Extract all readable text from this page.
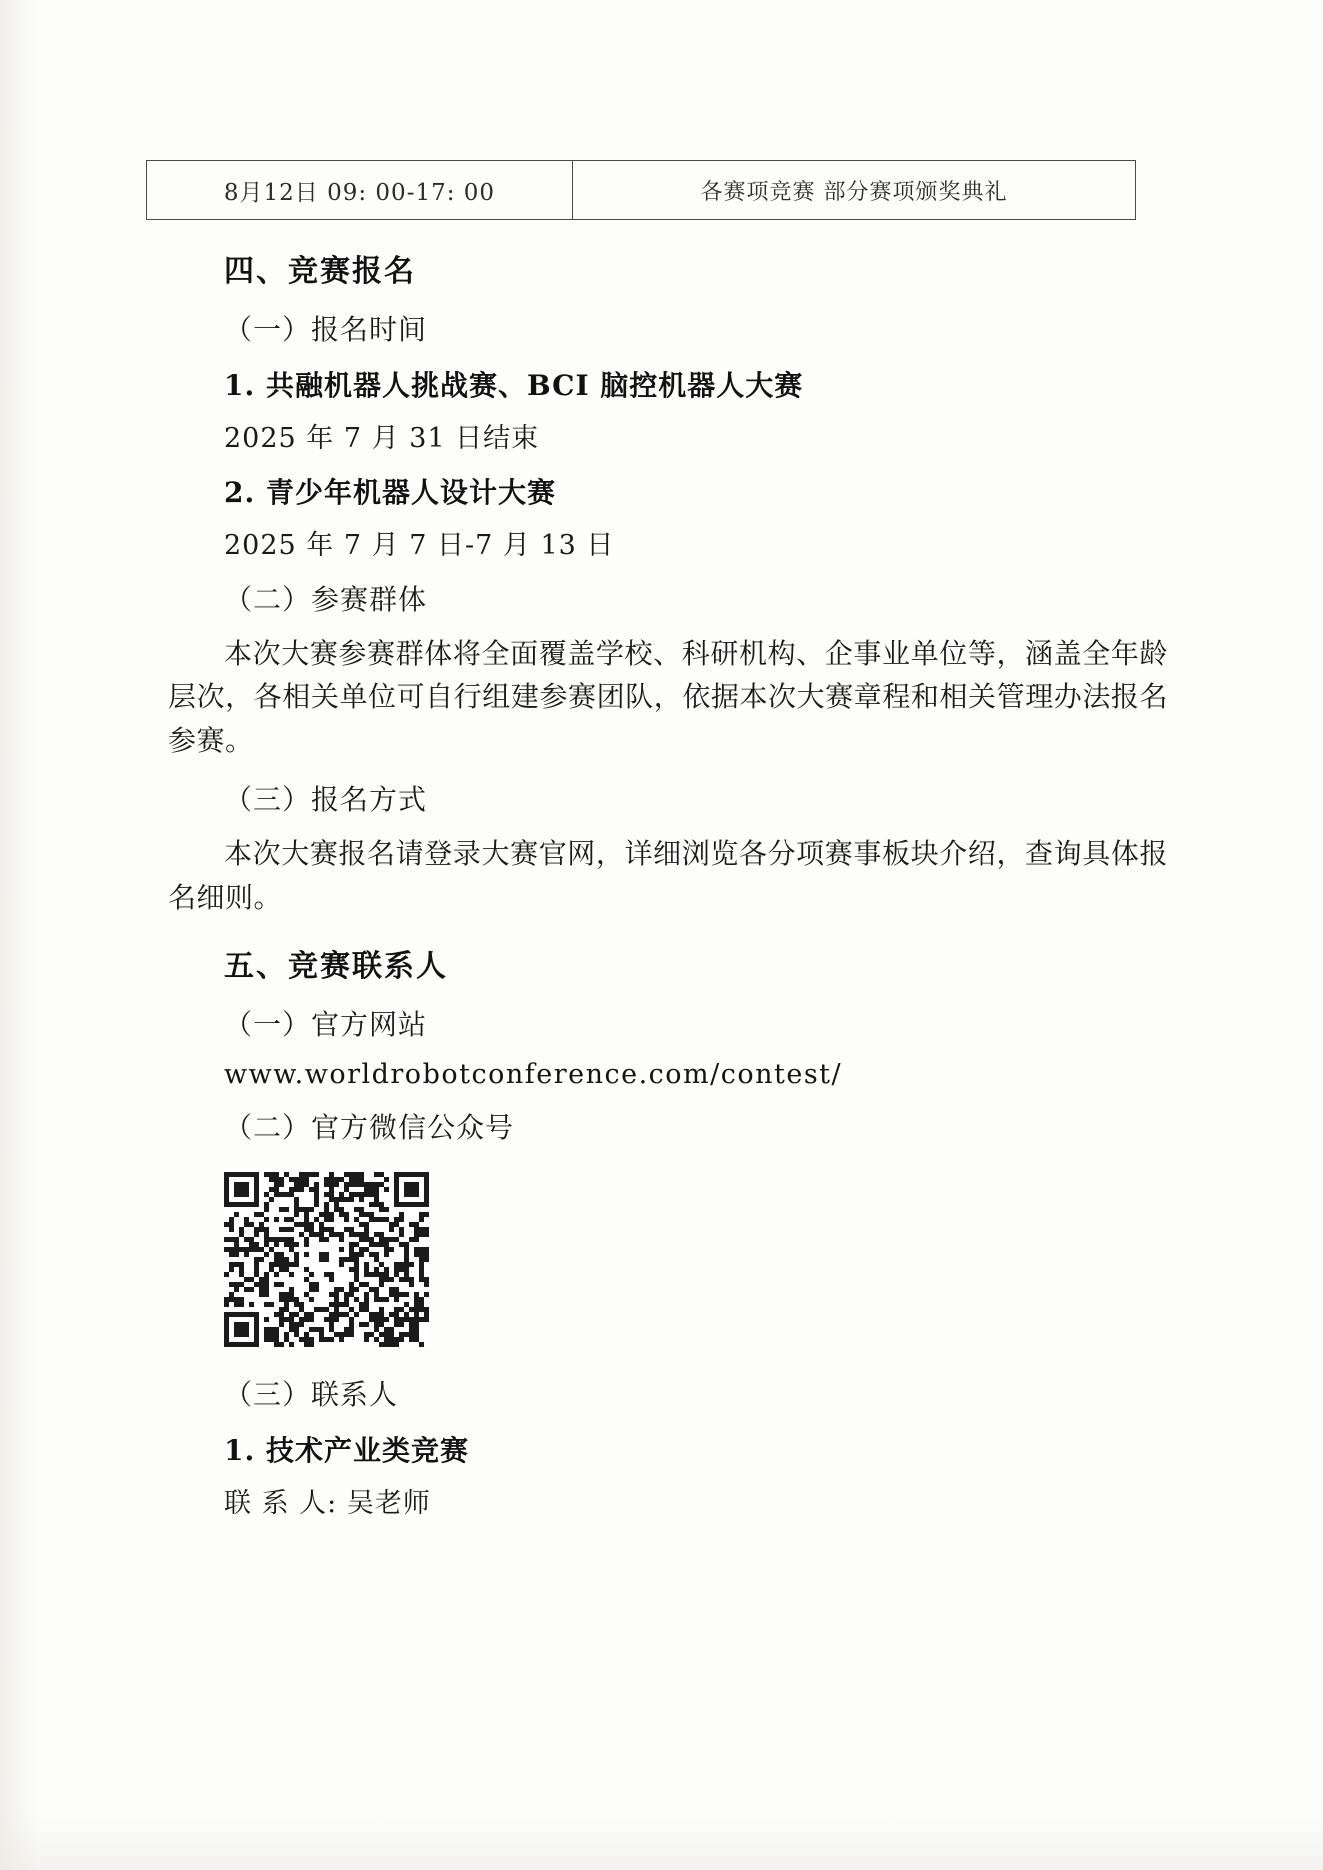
8月12日 09: 00-17: 00	各赛项竞赛 部分赛项颁奖典礼
四、竞赛报名
（一）报名时间
1. 共融机器人挑战赛、BCI 脑控机器人大赛
2025 年 7 月 31 日结束
2. 青少年机器人设计大赛
2025 年 7 月 7 日-7 月 13 日
（二）参赛群体
本次大赛参赛群体将全面覆盖学校、科研机构、企事业单位等，涵盖全年龄层次，各相关单位可自行组建参赛团队，依据本次大赛章程和相关管理办法报名参赛。
（三）报名方式
本次大赛报名请登录大赛官网，详细浏览各分项赛事板块介绍，查询具体报名细则。
五、竞赛联系人
（一）官方网站
www.worldrobotconference.com/contest/
（二）官方微信公众号
（三）联系人
1. 技术产业类竞赛
联 系 人: 吴老师
